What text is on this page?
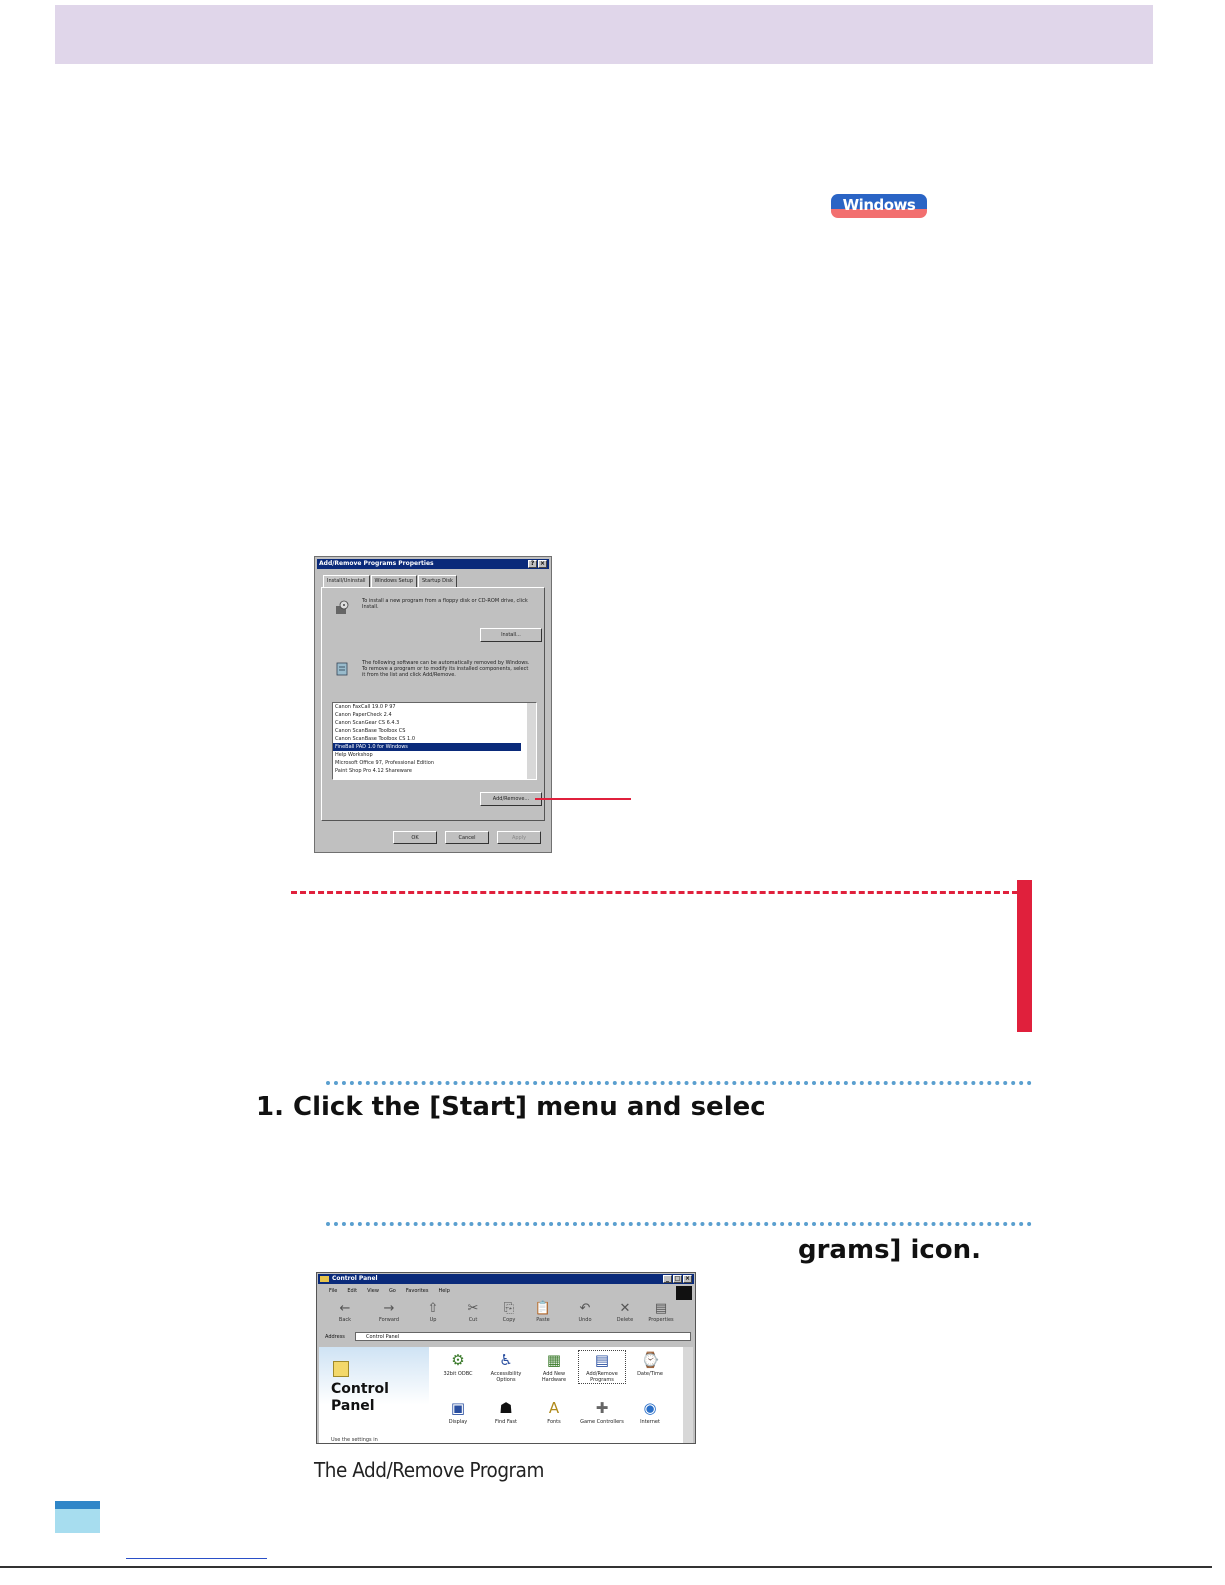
Windows
Add/Remove Programs Properties	? ×
Install/Uninstall	Windows Setup	Startup Disk
To install a new program from a floppy disk or CD-ROM drive, click Install.
Install...
The following software can be automatically removed by Windows. To remove a program or to modify its installed components, select it from the list and click Add/Remove.
Canon FaxCall 19.0 P 97
Canon PaperCheck 2.4
Canon ScanGear CS 6.4.3
Canon ScanBase Toolbox CS
Canon ScanBase Toolbox CS 1.0
FineBall PAD 1.0 for Windows
Help Workshop
Microsoft Office 97, Professional Edition
Paint Shop Pro 4.12 Shareware
Add/Remove...
OK	Cancel	Apply
1. Click the [Start] menu and selec
grams] icon.
Control Panel	_ □ ×
File Edit View Go Favorites Help
←
Back
→
Forward
⇧
Up
✂
Cut
⎘
Copy
📋
Paste
↶
Undo
✕
Delete
▤
Properties
Address	Control Panel
Control Panel
Use the settings in
⚙
32bit ODBC
♿
Accessibility Options
▦
Add New Hardware
▤
Add/Remove Programs
⌚
Date/Time
▣
Display
☗
Find Fast
A
Fonts
✚
Game Controllers
◉
Internet
The Add/Remove Program
